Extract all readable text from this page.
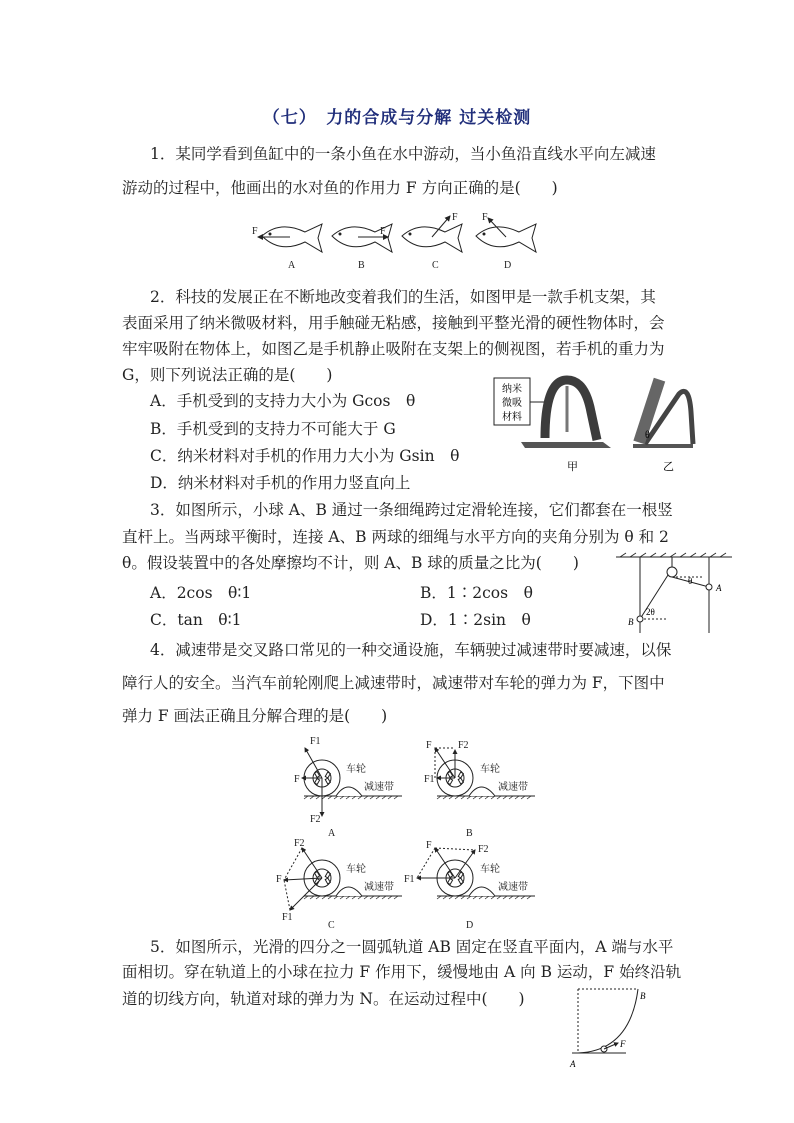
（七）　力的合成与分解 过关检测
1．某同学看到鱼缸中的一条小鱼在水中游动，当小鱼沿直线水平向左减速
游动的过程中，他画出的水对鱼的作用力 F 方向正确的是(　　)
F	F
F F
A	B	C	D
2．科技的发展正在不断地改变着我们的生活，如图甲是一款手机支架，其
表面采用了纳米微吸材料，用手触碰无粘感，接触到平整光滑的硬性物体时，会
牢牢吸附在物体上，如图乙是手机静止吸附在支架上的侧视图，若手机的重力为
G，则下列说法正确的是(　　)
A．手机受到的支持力大小为 Gcos　θ
B．手机受到的支持力不可能大于 G
C．纳米材料对手机的作用力大小为 Gsin　θ
D．纳米材料对手机的作用力竖直向上
纳米
微吸
材料
θ
甲	乙
3．如图所示，小球 A、B 通过一条细绳跨过定滑轮连接，它们都套在一根竖
直杆上。当两球平衡时，连接 A、B 两球的细绳与水平方向的夹角分别为 θ 和 2
θ。假设装置中的各处摩擦均不计，则 A、B 球的质量之比为(　　)
A．2cos　θ∶1	B．1∶2cos　θ
C．tan　θ∶1	D．1∶2sin　θ
θ
2θ
A
B
4．减速带是交叉路口常见的一种交通设施，车辆驶过减速带时要减速，以保
障行人的安全。当汽车前轮刚爬上减速带时，减速带对车轮的弹力为 F，下图中
弹力 F 画法正确且分解合理的是(　　)
F1
F
F2
车轮
减速带
A
F	F2
F1
车轮
减速带
B
F2
F
F1
车轮
减速带
C
F	F2
F1
车轮
减速带
D
5．如图所示，光滑的四分之一圆弧轨道 AB 固定在竖直平面内，A 端与水平
面相切。穿在轨道上的小球在拉力 F 作用下，缓慢地由 A 向 B 运动，F 始终沿轨
道的切线方向，轨道对球的弹力为 N。在运动过程中(　　)
A
B
F
